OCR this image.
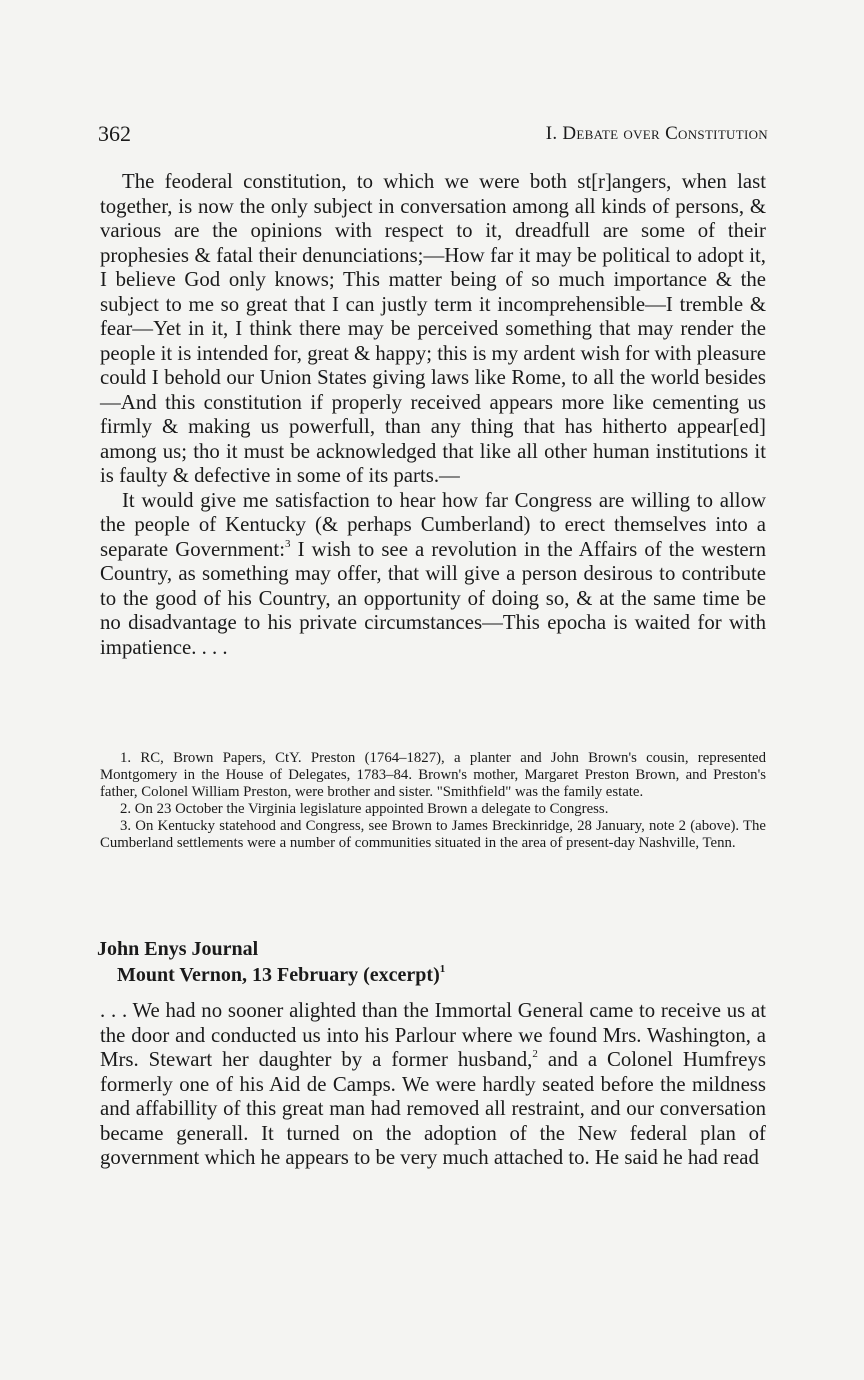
362	I. Debate over Constitution

The feoderal constitution, to which we were both st[r]angers, when last together, is now the only subject in conversation among all kinds of persons, & various are the opinions with respect to it, dreadfull are some of their prophesies & fatal their denunciations;—How far it may be political to adopt it, I believe God only knows; This matter being of so much importance & the subject to me so great that I can justly term it incomprehensible—I tremble & fear—Yet in it, I think there may be perceived something that may render the people it is intended for, great & happy; this is my ardent wish for with pleasure could I behold our Union States giving laws like Rome, to all the world besides—And this constitution if properly received appears more like cementing us firmly & making us powerfull, than any thing that has hitherto appear[ed] among us; tho it must be acknowledged that like all other human institutions it is faulty & defective in some of its parts.—

It would give me satisfaction to hear how far Congress are willing to allow the people of Kentucky (& perhaps Cumberland) to erect themselves into a separate Government:$^3$ I wish to see a revolution in the Affairs of the western Country, as something may offer, that will give a person desirous to contribute to the good of his Country, an opportunity of doing so, & at the same time be no disadvantage to his private circumstances—This epocha is waited for with impatience. . . .

1. RC, Brown Papers, CtY. Preston (1764–1827), a planter and John Brown's cousin, represented Montgomery in the House of Delegates, 1783–84. Brown's mother, Margaret Preston Brown, and Preston's father, Colonel William Preston, were brother and sister. "Smithfield" was the family estate.

2. On 23 October the Virginia legislature appointed Brown a delegate to Congress.

3. On Kentucky statehood and Congress, see Brown to James Breckinridge, 28 January, note 2 (above). The Cumberland settlements were a number of communities situated in the area of present-day Nashville, Tenn.

John Enys Journal

Mount Vernon, 13 February (excerpt)$^1$

. . . We had no sooner alighted than the Immortal General came to receive us at the door and conducted us into his Parlour where we found Mrs. Washington, a Mrs. Stewart her daughter by a former husband,$^2$ and a Colonel Humfreys formerly one of his Aid de Camps. We were hardly seated before the mildness and affabillity of this great man had removed all restraint, and our conversation became generall. It turned on the adoption of the New federal plan of government which he appears to be very much attached to. He said he had read
